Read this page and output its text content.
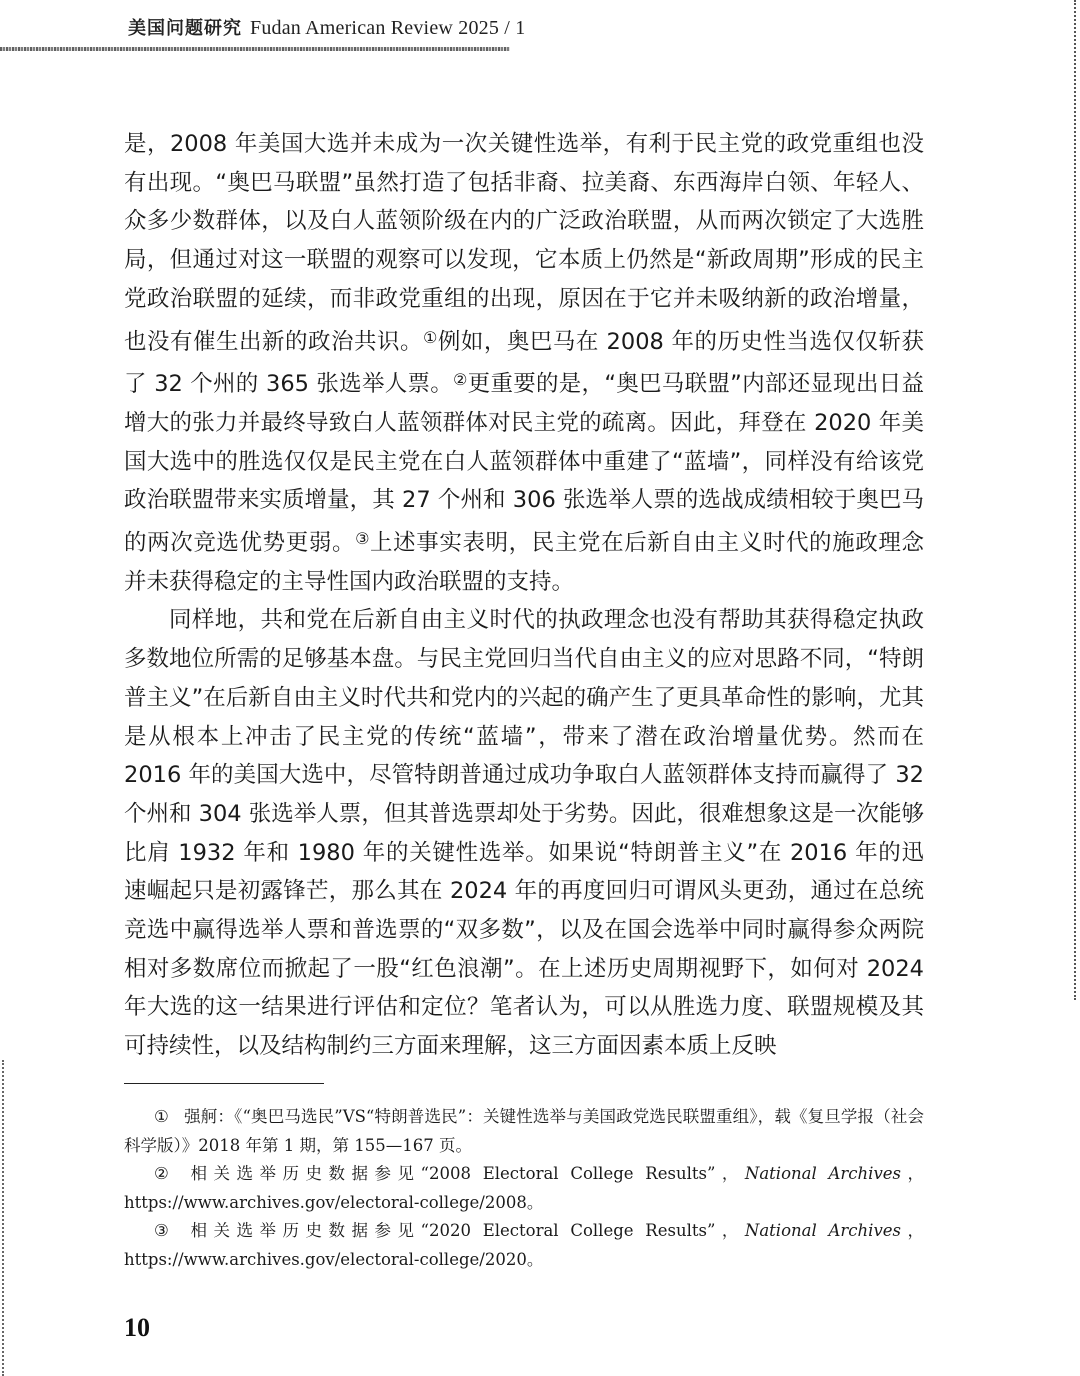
美国问题研究 Fudan American Review 2025 / 1

是，2008 年美国大选并未成为一次关键性选举，有利于民主党的政党重组也没有出现。“奥巴马联盟”虽然打造了包括非裔、拉美裔、东西海岸白领、年轻人、众多少数群体，以及白人蓝领阶级在内的广泛政治联盟，从而两次锁定了大选胜局，但通过对这一联盟的观察可以发现，它本质上仍然是“新政周期”形成的民主党政治联盟的延续，而非政党重组的出现，原因在于它并未吸纳新的政治增量，也没有催生出新的政治共识。①例如，奥巴马在 2008 年的历史性当选仅仅斩获了 32 个州的 365 张选举人票。②更重要的是，“奥巴马联盟”内部还显现出日益增大的张力并最终导致白人蓝领群体对民主党的疏离。因此，拜登在 2020 年美国大选中的胜选仅仅是民主党在白人蓝领群体中重建了“蓝墙”，同样没有给该党政治联盟带来实质增量，其 27 个州和 306 张选举人票的选战成绩相较于奥巴马的两次竞选优势更弱。③上述事实表明，民主党在后新自由主义时代的施政理念并未获得稳定的主导性国内政治联盟的支持。

同样地，共和党在后新自由主义时代的执政理念也没有帮助其获得稳定执政多数地位所需的足够基本盘。与民主党回归当代自由主义的应对思路不同，“特朗普主义”在后新自由主义时代共和党内的兴起的确产生了更具革命性的影响，尤其是从根本上冲击了民主党的传统“蓝墙”，带来了潜在政治增量优势。然而在 2016 年的美国大选中，尽管特朗普通过成功争取白人蓝领群体支持而赢得了 32 个州和 304 张选举人票，但其普选票却处于劣势。因此，很难想象这是一次能够比肩 1932 年和 1980 年的关键性选举。如果说“特朗普主义”在 2016 年的迅速崛起只是初露锋芒，那么其在 2024 年的再度回归可谓风头更劲，通过在总统竞选中赢得选举人票和普选票的“双多数”，以及在国会选举中同时赢得参众两院相对多数席位而掀起了一股“红色浪潮”。在上述历史周期视野下，如何对 2024 年大选的这一结果进行评估和定位？笔者认为，可以从胜选力度、联盟规模及其可持续性，以及结构制约三方面来理解，这三方面因素本质上反映

① 强舸：《“奥巴马选民”VS“特朗普选民”：关键性选举与美国政党选民联盟重组》，载《复旦学报（社会科学版）》2018 年第 1 期，第 155—167 页。

② 相关选举历史数据参见“2008 Electoral College Results”，National Archives，https://www.archives.gov/electoral-college/2008。

③ 相关选举历史数据参见“2020 Electoral College Results”，National Archives，https://www.archives.gov/electoral-college/2020。

10
